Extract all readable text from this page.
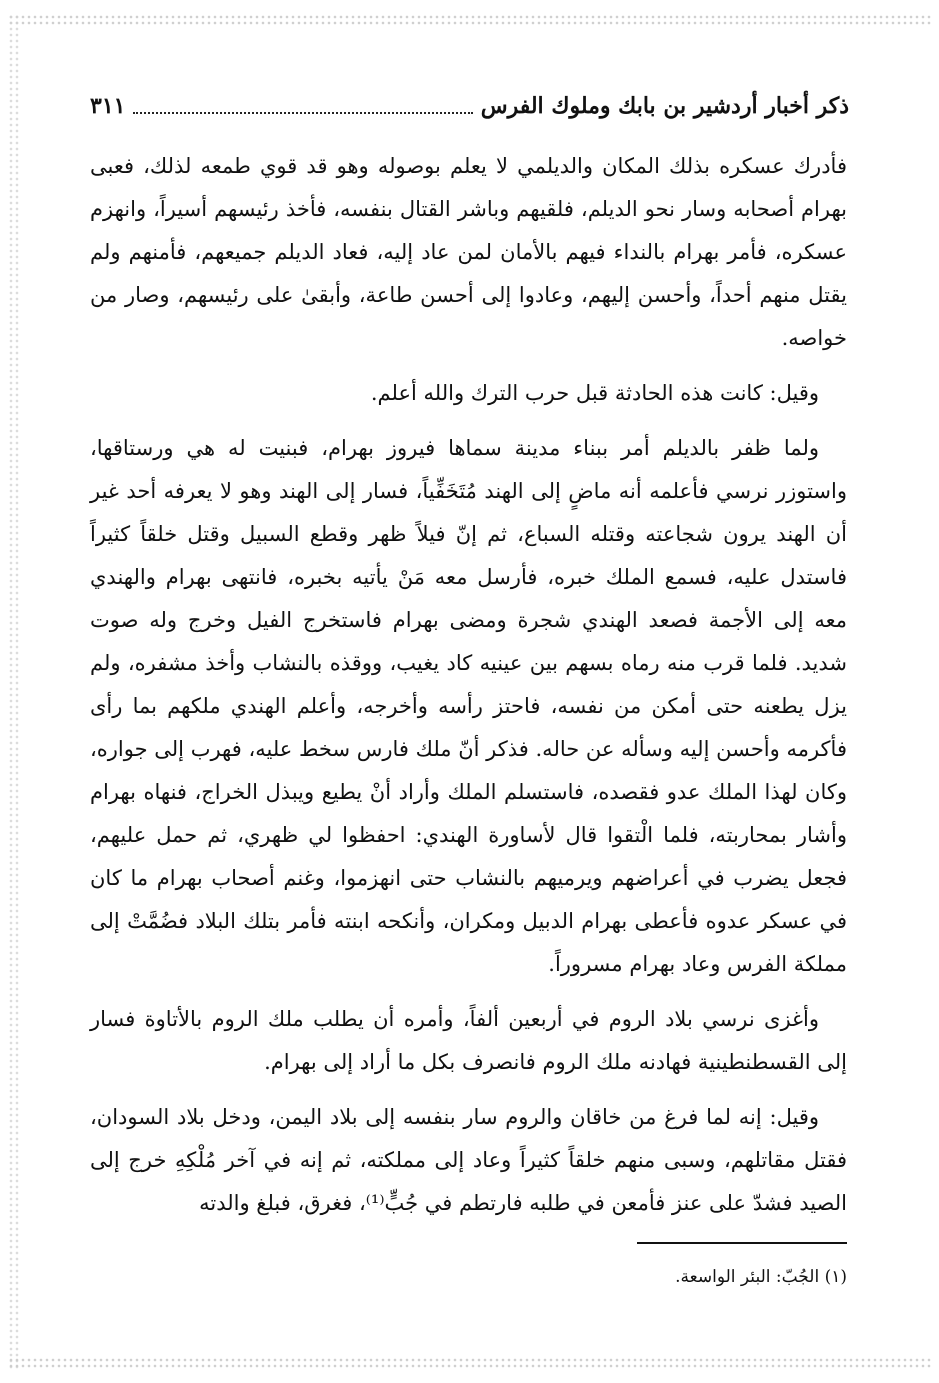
ذكر أخبار أردشير بن بابك وملوك الفرس
٣١١

فأدرك عسكره بذلك المكان والديلمي لا يعلم بوصوله وهو قد قوي طمعه لذلك، فعبى بهرام أصحابه وسار نحو الديلم، فلقيهم وباشر القتال بنفسه، فأخذ رئيسهم أسيراً، وانهزم عسكره، فأمر بهرام بالنداء فيهم بالأمان لمن عاد إليه، فعاد الديلم جميعهم، فأمنهم ولم يقتل منهم أحداً، وأحسن إليهم، وعادوا إلى أحسن طاعة، وأبقىٰ على رئيسهم، وصار من خواصه.

وقيل: كانت هذه الحادثة قبل حرب الترك والله أعلم.

ولما ظفر بالديلم أمر ببناء مدينة سماها فيروز بهرام، فبنيت له هي ورستاقها، واستوزر نرسي فأعلمه أنه ماضٍ إلى الهند مُتَخَفِّياً، فسار إلى الهند وهو لا يعرفه أحد غير أن الهند يرون شجاعته وقتله السباع، ثم إنّ فيلاً ظهر وقطع السبيل وقتل خلقاً كثيراً فاستدل عليه، فسمع الملك خبره، فأرسل معه مَنْ يأتيه بخبره، فانتهى بهرام والهندي معه إلى الأجمة فصعد الهندي شجرة ومضى بهرام فاستخرج الفيل وخرج وله صوت شديد. فلما قرب منه رماه بسهم بين عينيه كاد يغيب، ووقذه بالنشاب وأخذ مشفره، ولم يزل يطعنه حتى أمكن من نفسه، فاحتز رأسه وأخرجه، وأعلم الهندي ملكهم بما رأى فأكرمه وأحسن إليه وسأله عن حاله. فذكر أنّ ملك فارس سخط عليه، فهرب إلى جواره، وكان لهذا الملك عدو فقصده، فاستسلم الملك وأراد أنْ يطيع ويبذل الخراج، فنهاه بهرام وأشار بمحاربته، فلما الْتقوا قال لأساورة الهندي: احفظوا لي ظهري، ثم حمل عليهم، فجعل يضرب في أعراضهم ويرميهم بالنشاب حتى انهزموا، وغنم أصحاب بهرام ما كان في عسكر عدوه فأعطى بهرام الدبيل ومكران، وأنكحه ابنته فأمر بتلك البلاد فضُمَّتْ إلى مملكة الفرس وعاد بهرام مسروراً.

وأغزى نرسي بلاد الروم في أربعين ألفاً، وأمره أن يطلب ملك الروم بالأتاوة فسار إلى القسطنطينية فهادنه ملك الروم فانصرف بكل ما أراد إلى بهرام.

وقيل: إنه لما فرغ من خاقان والروم سار بنفسه إلى بلاد اليمن، ودخل بلاد السودان، فقتل مقاتلهم، وسبى منهم خلقاً كثيراً وعاد إلى مملكته، ثم إنه في آخر مُلْكِهِ خرج إلى الصيد فشدّ على عنز فأمعن في طلبه فارتطم في جُبٍّ⁽¹⁾، فغرق، فبلغ والدته

(١) الجُبّ: البئر الواسعة.
